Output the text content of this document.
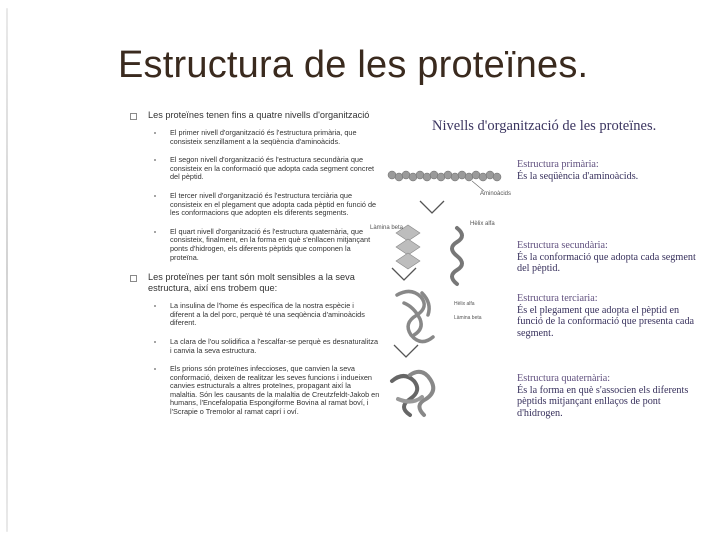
Estructura de les proteïnes.
Les proteïnes tenen fins a quatre nivells d'organització
El primer nivell d'organització és l'estructura primària, que consisteix senzillament a la seqüència d'aminoàcids.
El segon nivell d'organització és l'estructura secundària que consisteix en la conformació que adopta cada segment concret del pèptid.
El tercer nivell d'organització és l'estructura terciària que consisteix en el plegament que adopta cada pèptid en funció de les conformacions que adopten els diferents segments.
El quart nivell d'organització és l'estructura quaternària, que consisteix, finalment, en la forma en què s'enllacen mitjançant ponts d'hidrogen, els diferents pèptids que componen la proteïna.
Les proteïnes per tant són molt sensibles a la seva estructura, així ens trobem que:
La insulina de l'home és específica de la nostra espècie i diferent a la del porc, perquè té una seqüència d'aminoàcids diferent.
La clara de l'ou solidifica a l'escalfar-se perquè es desnaturalitza i canvia la seva estructura.
Els prions són proteïnes infeccioses, que canvien la seva conformació, deixen de realitzar les seves funcions i indueixen canvies estructurals a altres proteïnes, propagant així la malaltia. Són les causants de la malaltia de Creutzfeldt-Jakob en humans, l'Encefalopatia Espongiforme Bovina al ramat boví, i l'Scrapie o Tremolor al ramat caprí i oví.
Nivells d'organització de les proteïnes.
Aminoàcids
Làmina beta
Hèlix alfa
Hèlix alfa
Làmina beta
Estructura primària:
És la seqüència d'aminoàcids.
Estructura secundària:
És la conformació que adopta cada segment del pèptid.
Estructura terciaria:
És el plegament que adopta el pèptid en funció de la conformació que presenta cada segment.
Estructura quaternària:
És la forma en què s'associen els diferents pèptids mitjançant enllaços de pont d'hidrogen.
